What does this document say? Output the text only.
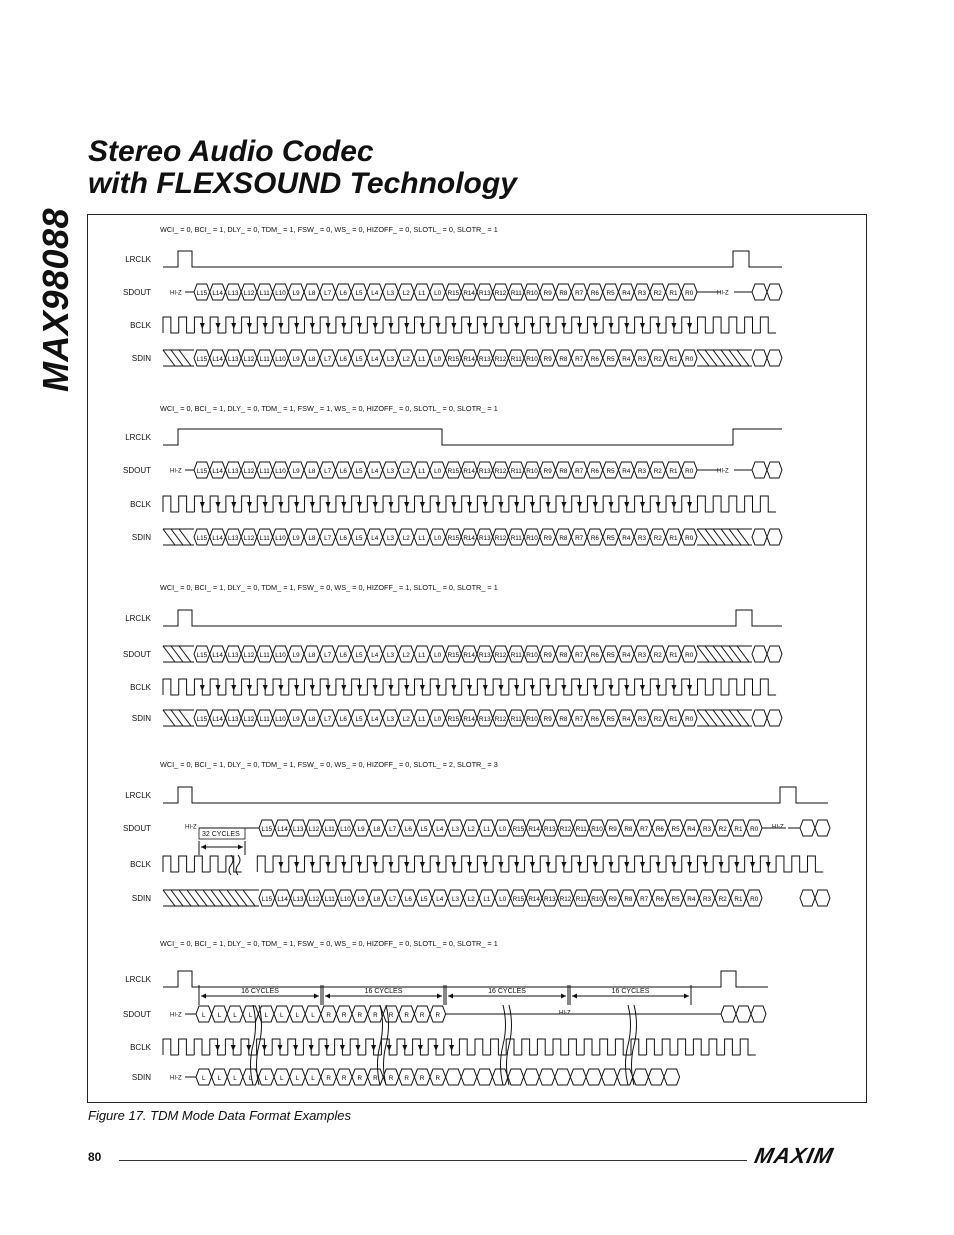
MAX98088
Stereo Audio Codec
with FLEXSOUND Technology
WCI_ = 0, BCI_ = 1, DLY_ = 0, TDM_ = 1, FSW_ = 0, WS_ = 0, HIZOFF_ = 0, SLOTL_ = 0, SLOTR_ = 1
LRCLK
SDOUT
BCLK
SDIN
HI-Z L15 L14 L13 L12 L11 L10 L9 L8 L7 L6 L5 L4 L3 L2 L1 L0 R15 R14 R13 R12 R11 R10 R9 R8 R7 R6 R5 R4 R3 R2 R1 R0	HI-Z
L15 L14 L13 L12 L11 L10 L9 L8 L7 L6 L5 L4 L3 L2 L1 L0 R15 R14 R13 R12 R11 R10 R9 R8 R7 R6 R5 R4 R3 R2 R1 R0
WCI_ = 0, BCI_ = 1, DLY_ = 0, TDM_ = 1, FSW_ = 1, WS_ = 0, HIZOFF_ = 0, SLOTL_ = 0, SLOTR_ = 1
LRCLK
SDOUT
BCLK
SDIN
HI-Z L15 L14 L13 L12 L11 L10 L9 L8 L7 L6 L5 L4 L3 L2 L1 L0 R15 R14 R13 R12 R11 R10 R9 R8 R7 R6 R5 R4 R3 R2 R1 R0	HI-Z
L15 L14 L13 L12 L11 L10 L9 L8 L7 L6 L5 L4 L3 L2 L1 L0 R15 R14 R13 R12 R11 R10 R9 R8 R7 R6 R5 R4 R3 R2 R1 R0
WCI_ = 0, BCI_ = 1, DLY_ = 0, TDM_ = 1, FSW_ = 0, WS_ = 0, HIZOFF_ = 1, SLOTL_ = 0, SLOTR_ = 1
LRCLK
SDOUT
BCLK
SDIN
L15 L14 L13 L12 L11 L10 L9 L8 L7 L6 L5 L4 L3 L2 L1 L0 R15 R14 R13 R12 R11 R10 R9 R8 R7 R6 R5 R4 R3 R2 R1 R0
L15 L14 L13 L12 L11 L10 L9 L8 L7 L6 L5 L4 L3 L2 L1 L0 R15 R14 R13 R12 R11 R10 R9 R8 R7 R6 R5 R4 R3 R2 R1 R0
WCI_ = 0, BCI_ = 1, DLY_ = 0, TDM_ = 1, FSW_ = 0, WS_ = 0, HIZOFF_ = 0, SLOTL_ = 2, SLOTR_ = 3
LRCLK
SDOUT
BCLK
SDIN
HI-Z	L15 L14 L13 L12 L11 L10 L9 L8 L7 L6 L5 L4 L3 L2 L1 L0 R15 R14 R13 R12 R11 R10 R9 R8 R7 R6 R5 R4 R3 R2 R1 R0 HI-Z
32 CYCLES
L15 L14 L13 L12 L11 L10 L9 L8 L7 L6 L5 L4 L3 L2 L1 L0 R15 R14 R13 R12 R11 R10 R9 R8 R7 R6 R5 R4 R3 R2 R1 R0
WCI_ = 0, BCI_ = 1, DLY_ = 0, TDM_ = 1, FSW_ = 0, WS_ = 0, HIZOFF_ = 0, SLOTL_ = 0, SLOTR_ = 1
LRCLK
SDOUT
BCLK
SDIN
16 CYCLES	16 CYCLES	16 CYCLES	16 CYCLES
HI-Z	L L L L L L L L R R R R R R R R	HI-Z
HI-Z	L L L L L L L L R R R R R R R R
Figure 17. TDM Mode Data Format Examples
80	MAXIM
